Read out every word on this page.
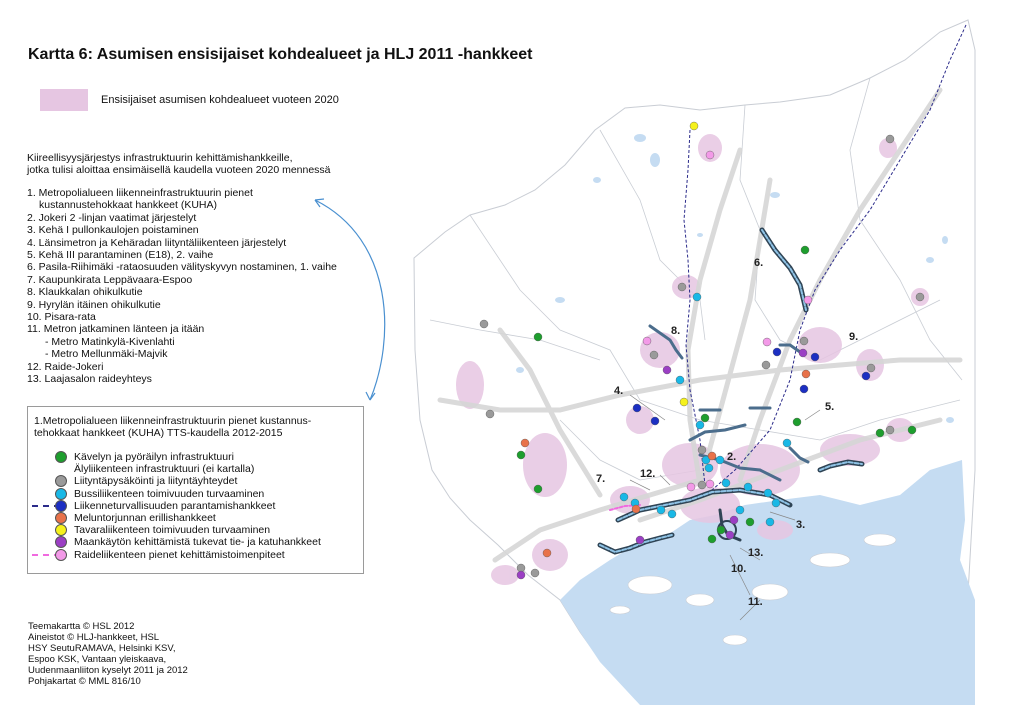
2.
3.
4.
5.
6.
7.
8.	9.
10.
11.
12.
13.
Kartta 6: Asumisen ensisijaiset kohdealueet ja HLJ 2011 -hankkeet
Ensisijaiset asumisen kohdealueet vuoteen 2020
Kiireellisyysjärjestys infrastruktuurin kehittämishankkeille,
jotka tulisi aloittaa ensimäisellä kaudella vuoteen 2020 mennessä
1. Metropolialueen liikenneinfrastruktuurin pienet
kustannustehokkaat hankkeet (KUHA)
2. Jokeri 2 -linjan vaatimat järjestelyt
3. Kehä I pullonkaulojen poistaminen
4. Länsimetron ja Kehäradan liityntäliikenteen järjestelyt
5. Kehä III parantaminen (E18), 2. vaihe
6. Pasila-Riihimäki -rataosuuden välityskyvyn nostaminen, 1. vaihe
7. Kaupunkirata Leppävaara-Espoo
8. Klaukkalan ohikulkutie
9. Hyrylän itäinen ohikulkutie
10. Pisara-rata
11. Metron jatkaminen länteen ja itään
- Metro Matinkylä-Kivenlahti
- Metro Mellunmäki-Majvik
12. Raide-Jokeri
13. Laajasalon raideyhteys
1.Metropolialueen liikenneinfrastruktuurin pienet kustannus-
tehokkaat hankkeet (KUHA) TTS-kaudella 2012-2015
Kävelyn ja pyöräilyn infrastruktuuri
Älyliikenteen infrastruktuuri (ei kartalla)
Liityntäpysäköinti ja liityntäyhteydet
Bussiliikenteen toimivuuden turvaaminen
Liikenneturvallisuuden parantamishankkeet
Meluntorjunnan erillishankkeet
Tavaraliikenteen toimivuuden turvaaminen
Maankäytön kehittämistä tukevat tie- ja katuhankkeet
Raideliikenteen pienet kehittämistoimenpiteet
Teemakartta © HSL 2012
Aineistot © HLJ-hankkeet, HSL
HSY SeutuRAMAVA, Helsinki KSV,
Espoo KSK, Vantaan yleiskaava,
Uudenmaanliiton kyselyt 2011 ja 2012
Pohjakartat © MML 816/10
